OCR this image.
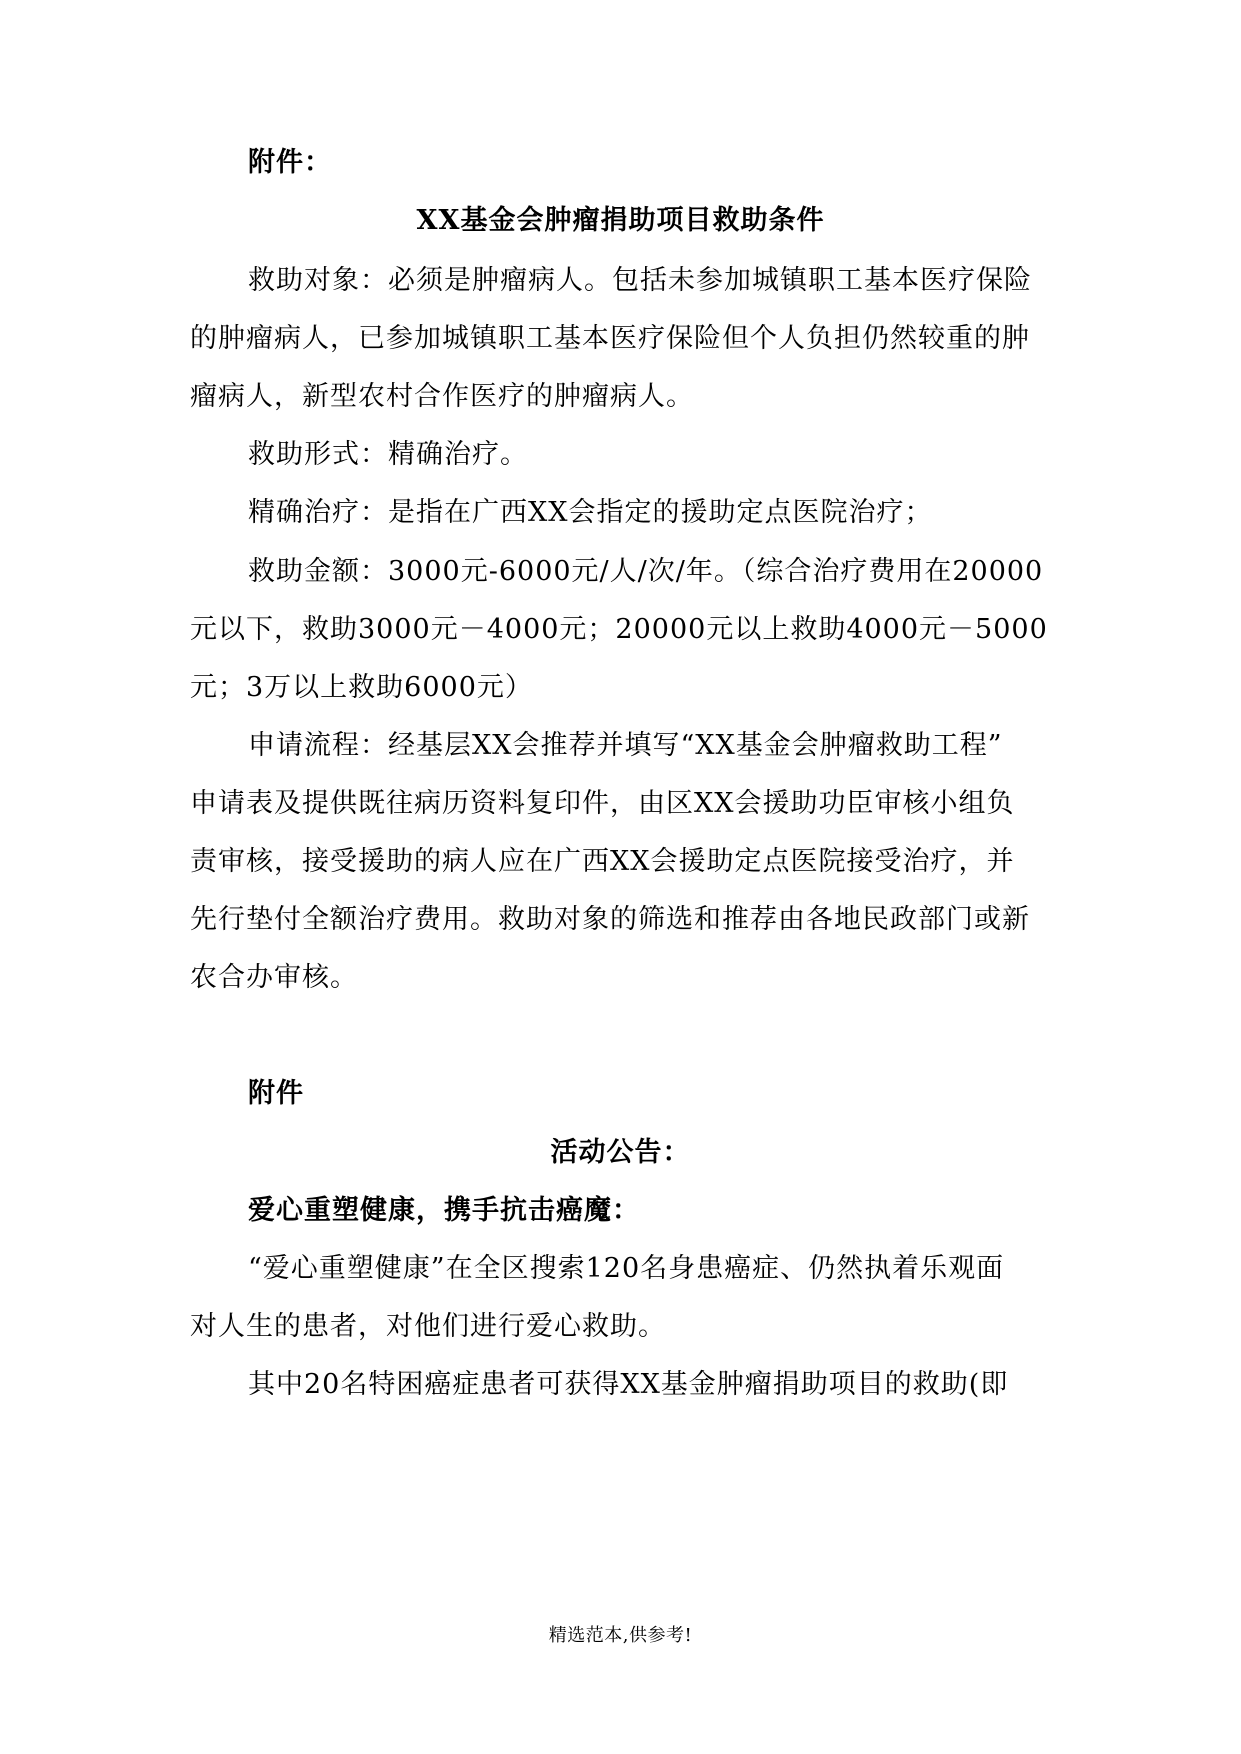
附件：
XX基金会肿瘤捐助项目救助条件
救助对象：必须是肿瘤病人。包括未参加城镇职工基本医疗保险
的肿瘤病人，已参加城镇职工基本医疗保险但个人负担仍然较重的肿
瘤病人，新型农村合作医疗的肿瘤病人。
救助形式：精确治疗。
精确治疗：是指在广西XX会指定的援助定点医院治疗；
救助金额：3000元-6000元/人/次/年。（综合治疗费用在20000
元以下，救助3000元－4000元；20000元以上救助4000元－5000
元；3万以上救助6000元）
申请流程：经基层XX会推荐并填写“XX基金会肿瘤救助工程”
申请表及提供既往病历资料复印件，由区XX会援助功臣审核小组负
责审核，接受援助的病人应在广西XX会援助定点医院接受治疗，并
先行垫付全额治疗费用。救助对象的筛选和推荐由各地民政部门或新
农合办审核。
附件
活动公告：
爱心重塑健康，携手抗击癌魔：
“爱心重塑健康”在全区搜索120名身患癌症、仍然执着乐观面
对人生的患者，对他们进行爱心救助。
其中20名特困癌症患者可获得XX基金肿瘤捐助项目的救助(即
精选范本,供参考!
